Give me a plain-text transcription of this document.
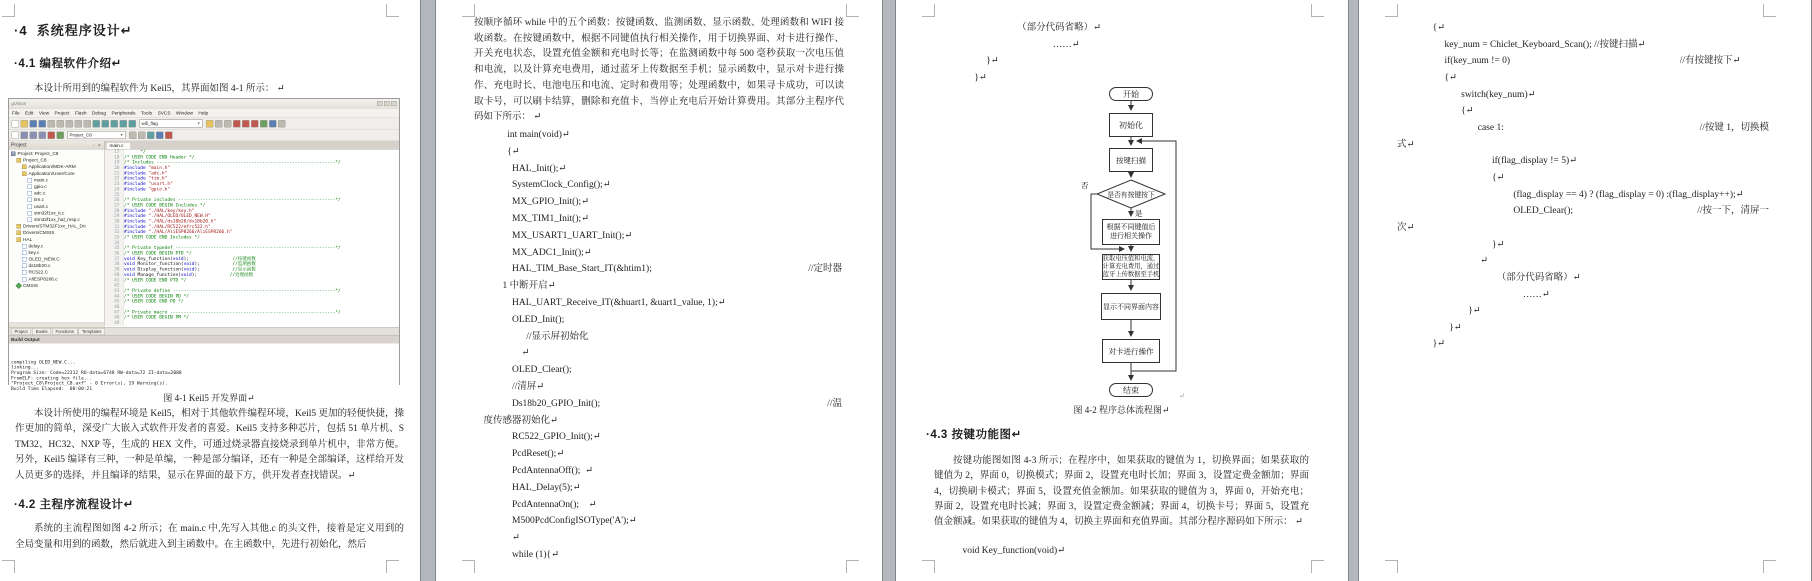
·4  系统程序设计↵
·4.1 编程软件介绍↵
本设计所用到的编程软件为 Keil5，其界面如图 4-1 所示： ↵
µVision
File Edit View Project Flash Debug Peripherals Tools SVCS Window Help
wifi_flag	▼
Project_C8	▼
Project	▫ ✕
Project: Project_C8
Project_C8
Application/MDK-ARM
Application/User/Core
main.c
gpio.c
adc.c
tim.c
usart.c
stm32f1xx_it.c
stm32f1xx_hal_msp.c
Drivers/STM32F1xx_HAL_Dri
Drivers/CMSIS
HAL
delay.c
key.c
OLED_NEW.C
ds18b20.c
RC522.C
AliESP8266.c
CMSIS
main.c
17 */
18 /* USER CODE END Header */
19 /* Includes ------------------------------------------------------------------*/
20 #include "main.h"
21 #include "adc.h"
22 #include "tim.h"
23 #include "usart.h"
24 #include "gpio.h"
25

26 /* Private includes ----------------------------------------------------------*/
27 /* USER CODE BEGIN Includes */
28 #include "./HAL/key/key.h"
29 #include "./HAL/OLED/OLED_NEW.H"
30 #include "./HAL/ds18b20/ds18b20.h"
31 #include "./HAL/RC522/mfrc522.h"
32 #include "./HAL/AliESP8266/AliESP8266.h"
33 /* USER CODE END Includes */
34

35 /* Private typedef -----------------------------------------------------------*/
36 /* USER CODE BEGIN PTD */
37 void Key_function(void);                //按键函数
38 void Monitor_function(void);            //监测函数
39 void Display_function(void);            //显示函数
40 void Manage_function(void);            //处理函数
41 /* USER CODE END PTD */
42

43 /* Private define ------------------------------------------------------------*/
44 /* USER CODE BEGIN PD */
45 /* USER CODE END PD */
46

47 /* Private macro -------------------------------------------------------------*/
48 /* USER CODE BEGIN PM */
49

Project Books Functions Templates
Build Output

compiling OLED_NEW.C...
linking...
Program Size: Code=22312 RO-data=6748 RW-data=72 ZI-data=2088
FromELF: creating hex file...
"Project_C8\Project_C8.axf" - 0 Error(s), 19 Warning(s).
Build Time Elapsed:  00:00:21
图 4-1 Keil5 开发界面↵
本设计所使用的编程环境是 Keil5，相对于其他软件编程环境，Keil5 更加的轻便快捷，操作更加的简单，深受广大嵌入式软件开发者的喜爱。Keil5 支持多种芯片，包括 51 单片机、STM32、HC32、NXP 等，生成的 HEX 文件，可通过烧录器直接烧录到单片机中，非常方便。另外，Keil5 编译有三种，一种是单编，一种是部分编译，还有一种是全部编译，这样给开发人员更多的选择，并且编译的结果，显示在界面的最下方，供开发者查找错误。↵
·4.2 主程序流程设计↵
系统的主流程图如图 4-2 所示；在 main.c 中,先写入其他.c 的头文件，接着是定义用到的全局变量和用到的函数，然后就进入到主函数中。在主函数中，先进行初始化，然后
按顺序循环 while 中的五个函数：按键函数、监测函数、显示函数、处理函数和 WIFI 接收函数。在按键函数中，根据不同键值执行相关操作，用于切换界面、对卡进行操作、开关充电状态，设置充值金额和充电时长等；在监测函数中每 500 毫秒获取一次电压值和电流，以及计算充电费用，通过蓝牙上传数据至手机；显示函数中，显示对卡进行操作、充电时长、电池电压和电流、定时和费用等；处理函数中，如果寻卡成功，可以读取卡号，可以刷卡结算，删除和充值卡，当停止充电后开始计算费用。其部分主程序代码如下所示： ↵
int main(void)↵
{↵
HAL_Init();↵
SystemClock_Config();↵
MX_GPIO_Init();↵
MX_TIM1_Init();↵
MX_USART1_UART_Init();↵
MX_ADC1_Init();↵
HAL_TIM_Base_Start_IT(&htim1);	//定时器
1 中断开启↵
HAL_UART_Receive_IT(&huart1, &uart1_value, 1);↵
OLED_Init();
//显示屏初始化
↵
OLED_Clear();
//清屏↵
Ds18b20_GPIO_Init();	//温
度传感器初始化↵
RC522_GPIO_Init();↵
PcdReset();↵
PcdAntennaOff();  ↵
HAL_Delay(5);↵
PcdAntennaOn();    ↵
M500PcdConfigISOType('A');↵
↵
while (1){↵
（部分代码省略）↵
……↵
}↵
}↵
开始
初始化
按键扫描
是否有按键按下
否
是
根据不同键值后
进行相关操作
获取电压值和电流，
计算充电费用，通过
蓝牙上传数据至手机
显示不同界面内容
对卡进行操作
结束
↵
图 4-2 程序总体流程图↵
·4.3 按键功能图↵
按键功能图如图 4-3 所示；在程序中，如果获取的键值为 1，切换界面；如果获取的键值为 2，界面 0，切换模式；界面 2，设置充电时长加；界面 3，设置定费金额加；界面 4，切换刷卡模式；界面 5，设置充值金额加。如果获取的键值为 3，界面 0，开始充电；界面 2，设置充电时长减；界面 3，设置定费金额减；界面 4，切换卡号；界面 5，设置充值金额减。如果获取的键值为 4，切换主界面和充值界面。其部分程序源码如下所示： ↵
void Key_function(void)↵
{↵
key_num = Chiclet_Keyboard_Scan(); //按键扫描↵
if(key_num != 0)	//有按键按下↵　　　
{↵
switch(key_num)↵
{↵
case 1:	//按键 1，切换模
式↵
if(flag_display != 5)↵
{↵
(flag_display == 4) ? (flag_display = 0) :(flag_display++);↵
OLED_Clear();	//按一下，清屏一
次↵
}↵
↵
（部分代码省略）↵
……↵
}↵
}↵
}↵
